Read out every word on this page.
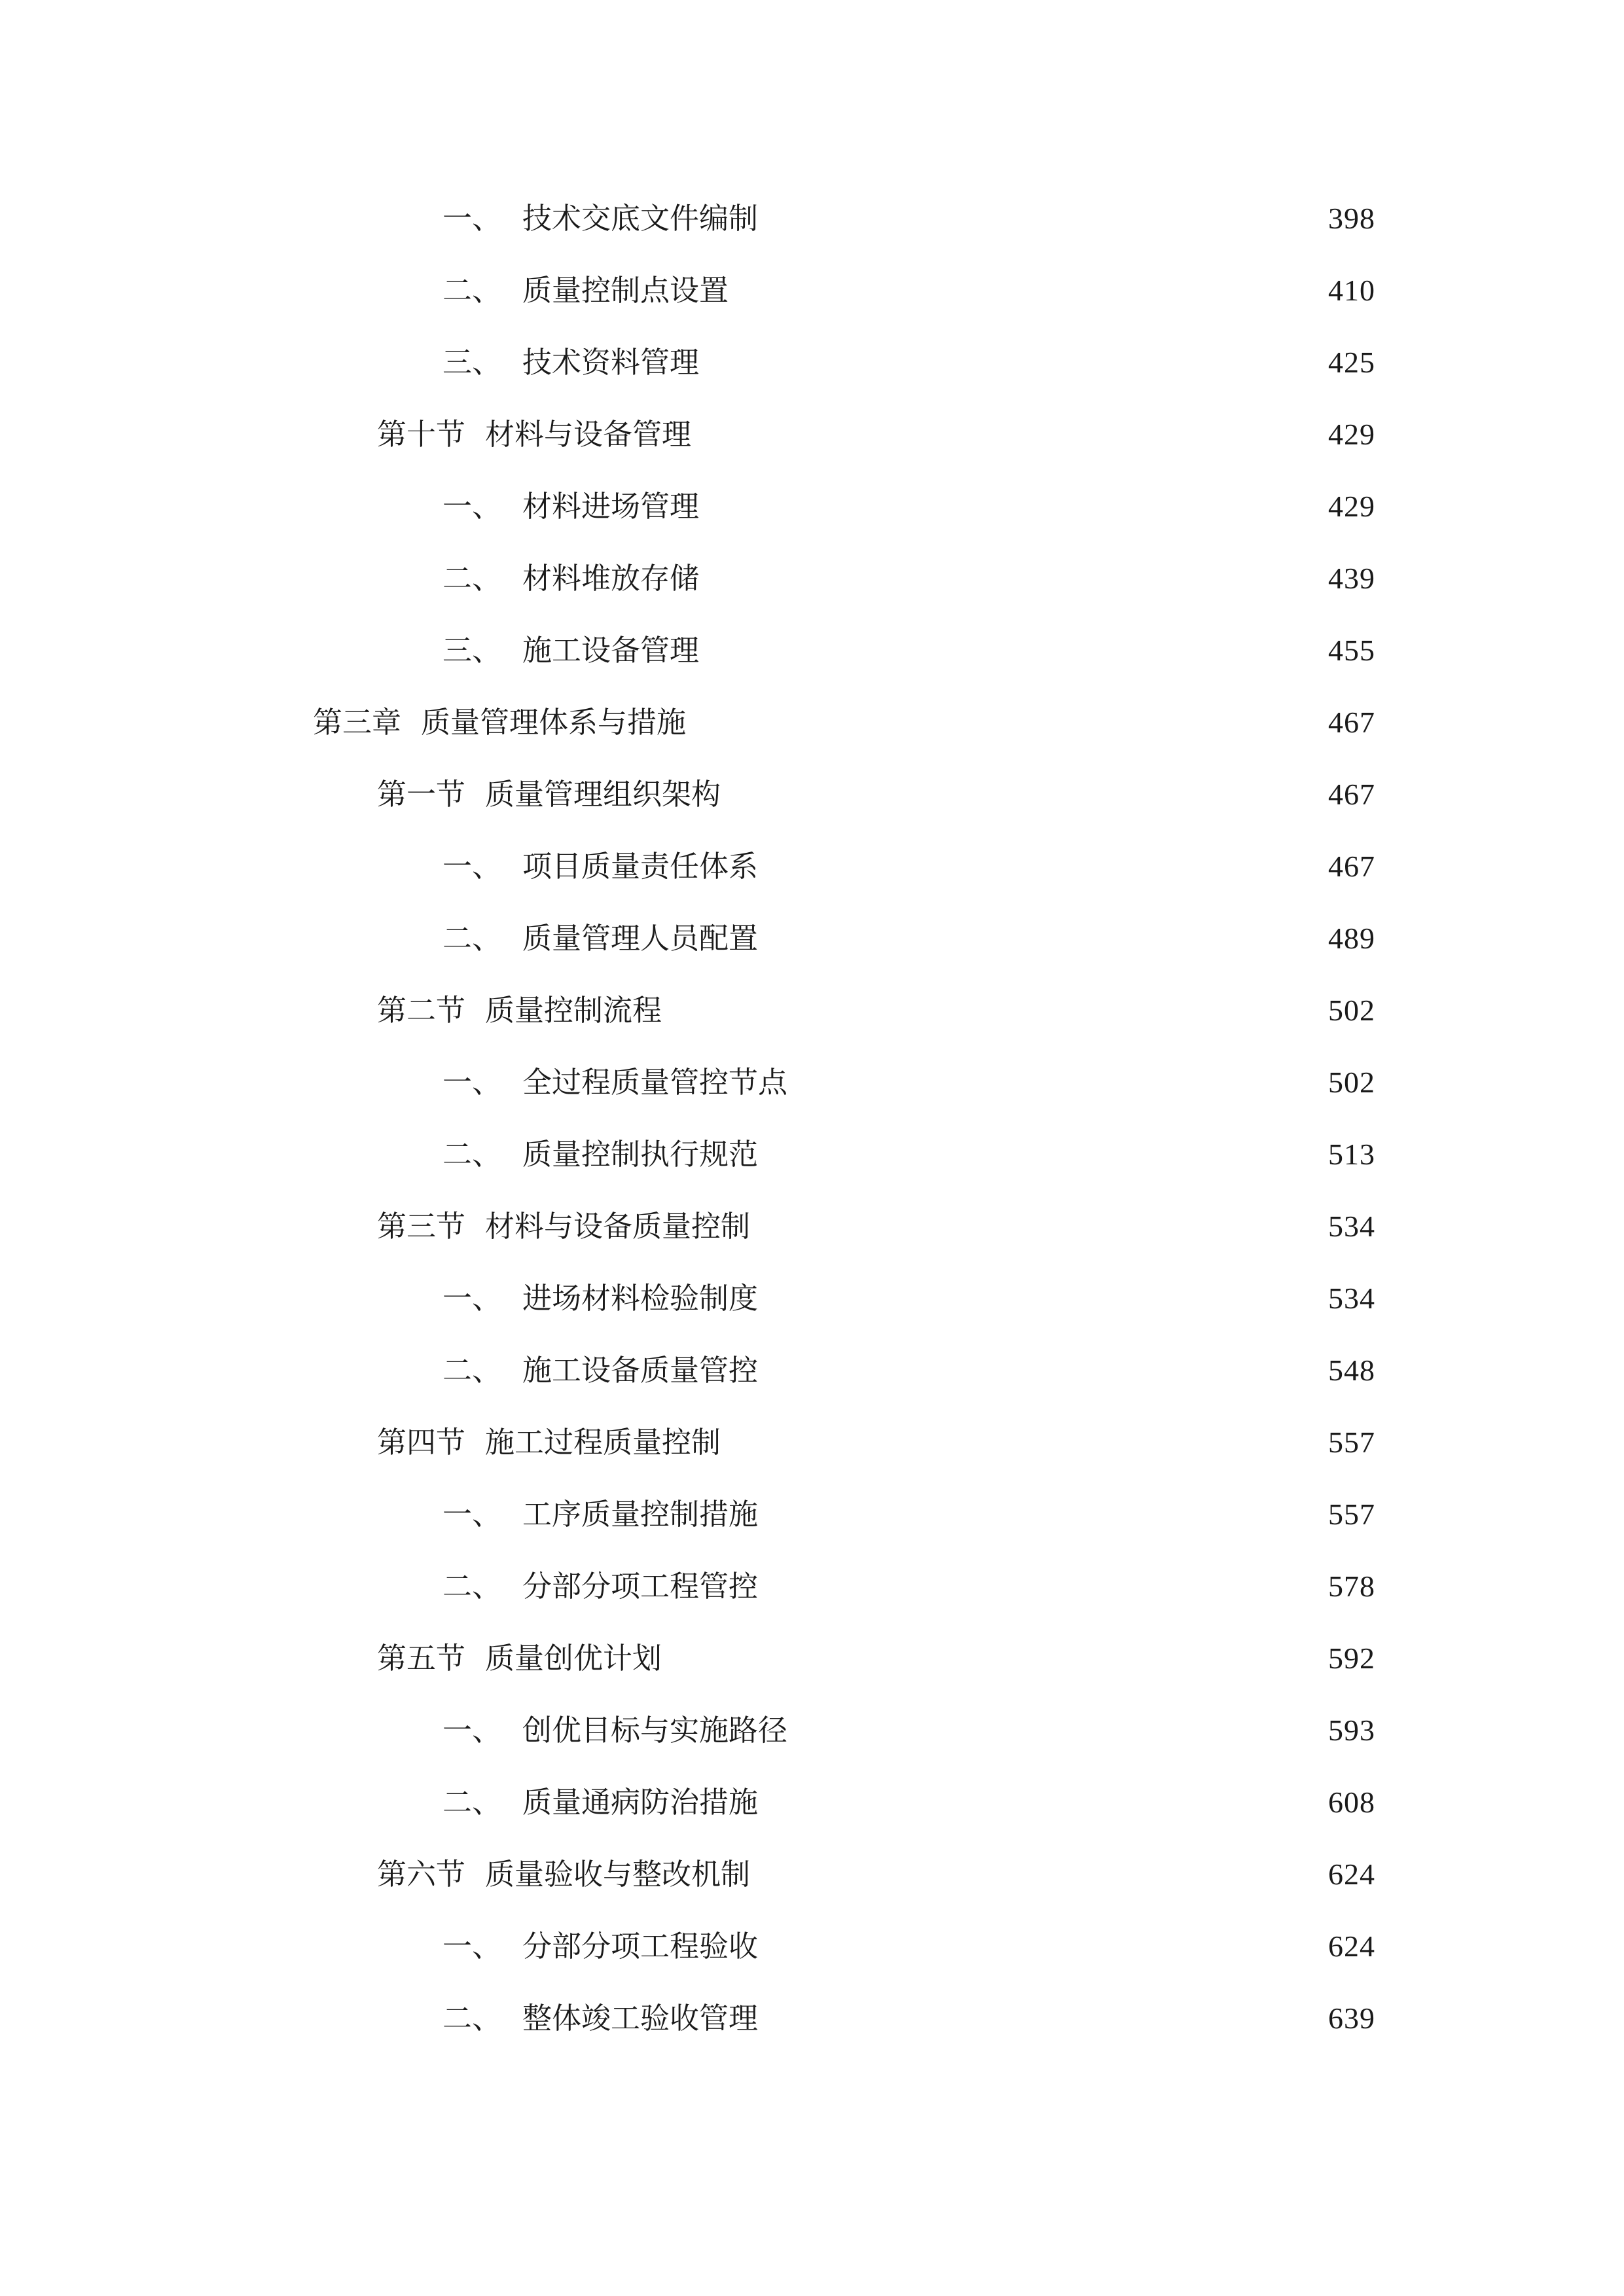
一、 技术交底文件编制	398
二、 质量控制点设置	410
三、 技术资料管理	425
第十节 材料与设备管理	429
一、 材料进场管理	429
二、 材料堆放存储	439
三、 施工设备管理	455
第三章 质量管理体系与措施	467
第一节 质量管理组织架构	467
一、 项目质量责任体系	467
二、 质量管理人员配置	489
第二节 质量控制流程	502
一、 全过程质量管控节点	502
二、 质量控制执行规范	513
第三节 材料与设备质量控制	534
一、 进场材料检验制度	534
二、 施工设备质量管控	548
第四节 施工过程质量控制	557
一、 工序质量控制措施	557
二、 分部分项工程管控	578
第五节 质量创优计划	592
一、 创优目标与实施路径	593
二、 质量通病防治措施	608
第六节 质量验收与整改机制	624
一、 分部分项工程验收	624
二、 整体竣工验收管理	639
